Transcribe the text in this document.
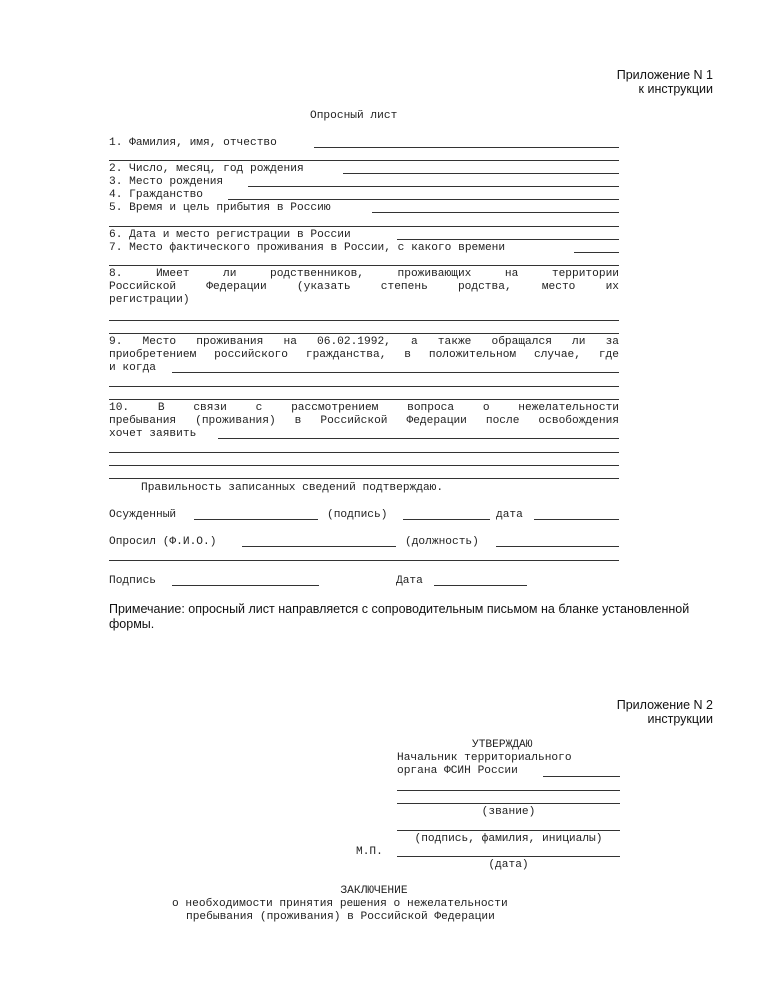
Приложение N 1
к инструкции
Опросный лист
1. Фамилия, имя, отчество
2. Число, месяц, год рождения
3. Место рождения
4. Гражданство
5. Время и цель прибытия в Россию
6. Дата и место регистрации в России
7. Место фактического проживания в России, с какого времени
8. Имеет ли родственников, проживающих на территории
Российской Федерации (указать степень родства, место их
регистрации)
9. Место проживания на 06.02.1992, а также обращался ли за
приобретением российского гражданства, в положительном случае, где
и когда
10. В связи с рассмотрением вопроса о нежелательности
пребывания (проживания) в Российской Федерации после освобождения
хочет заявить
Правильность записанных сведений подтверждаю.
Осужденный	(подпись)	дата
Опросил (Ф.И.О.)	(должность)
Подпись	Дата
Примечание: опросный лист направляется с сопроводительным письмом на бланке установленной
формы.
Приложение N 2
инструкции
УТВЕРЖДАЮ
Начальник территориального
органа ФСИН России
(звание)
(подпись, фамилия, инициалы)
М.П.
(дата)
ЗАКЛЮЧЕНИЕ
о необходимости принятия решения о нежелательности
пребывания (проживания) в Российской Федерации
